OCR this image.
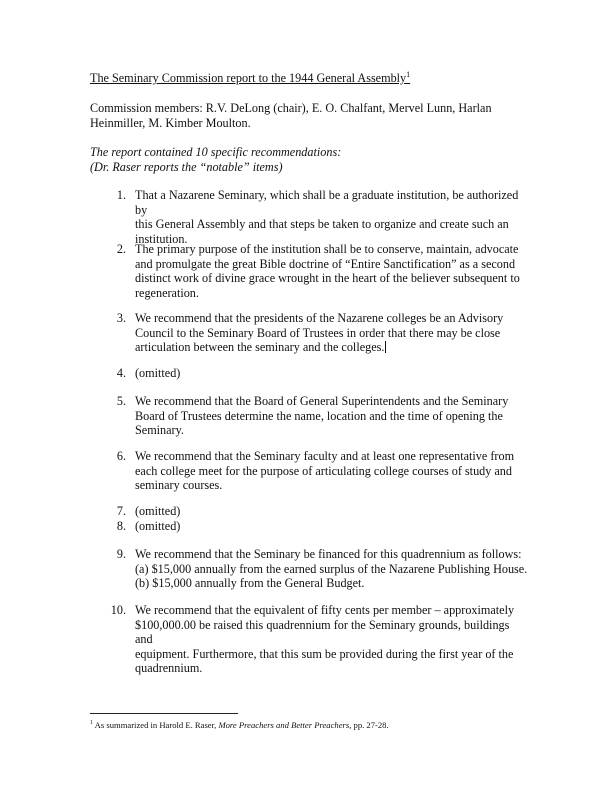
The Seminary Commission report to the 1944 General Assembly$^1$
Commission members: R.V. DeLong (chair), E. O. Chalfant, Mervel Lunn, Harlan
Heinmiller, M. Kimber Moulton.
The report contained 10 specific recommendations:
(Dr. Raser reports the “notable” items)
1. That a Nazarene Seminary, which shall be a graduate institution, be authorized by
this General Assembly and that steps be taken to organize and create such an
institution.
2. The primary purpose of the institution shall be to conserve, maintain, advocate
and promulgate the great Bible doctrine of “Entire Sanctification” as a second
distinct work of divine grace wrought in the heart of the believer subsequent to
regeneration.
3. We recommend that the presidents of the Nazarene colleges be an Advisory
Council to the Seminary Board of Trustees in order that there may be close
articulation between the seminary and the colleges.
4. (omitted)
5. We recommend that the Board of General Superintendents and the Seminary
Board of Trustees determine the name, location and the time of opening the
Seminary.
6. We recommend that the Seminary faculty and at least one representative from
each college meet for the purpose of articulating college courses of study and
seminary courses.
7. (omitted)
8. (omitted)
9. We recommend that the Seminary be financed for this quadrennium as follows:
(a) $15,000 annually from the earned surplus of the Nazarene Publishing House.
(b) $15,000 annually from the General Budget.
10. We recommend that the equivalent of fifty cents per member – approximately
$100,000.00 be raised this quadrennium for the Seminary grounds, buildings and
equipment. Furthermore, that this sum be provided during the first year of the
quadrennium.
$^1$ As summarized in Harold E. Raser, More Preachers and Better Preachers, pp. 27-28.
